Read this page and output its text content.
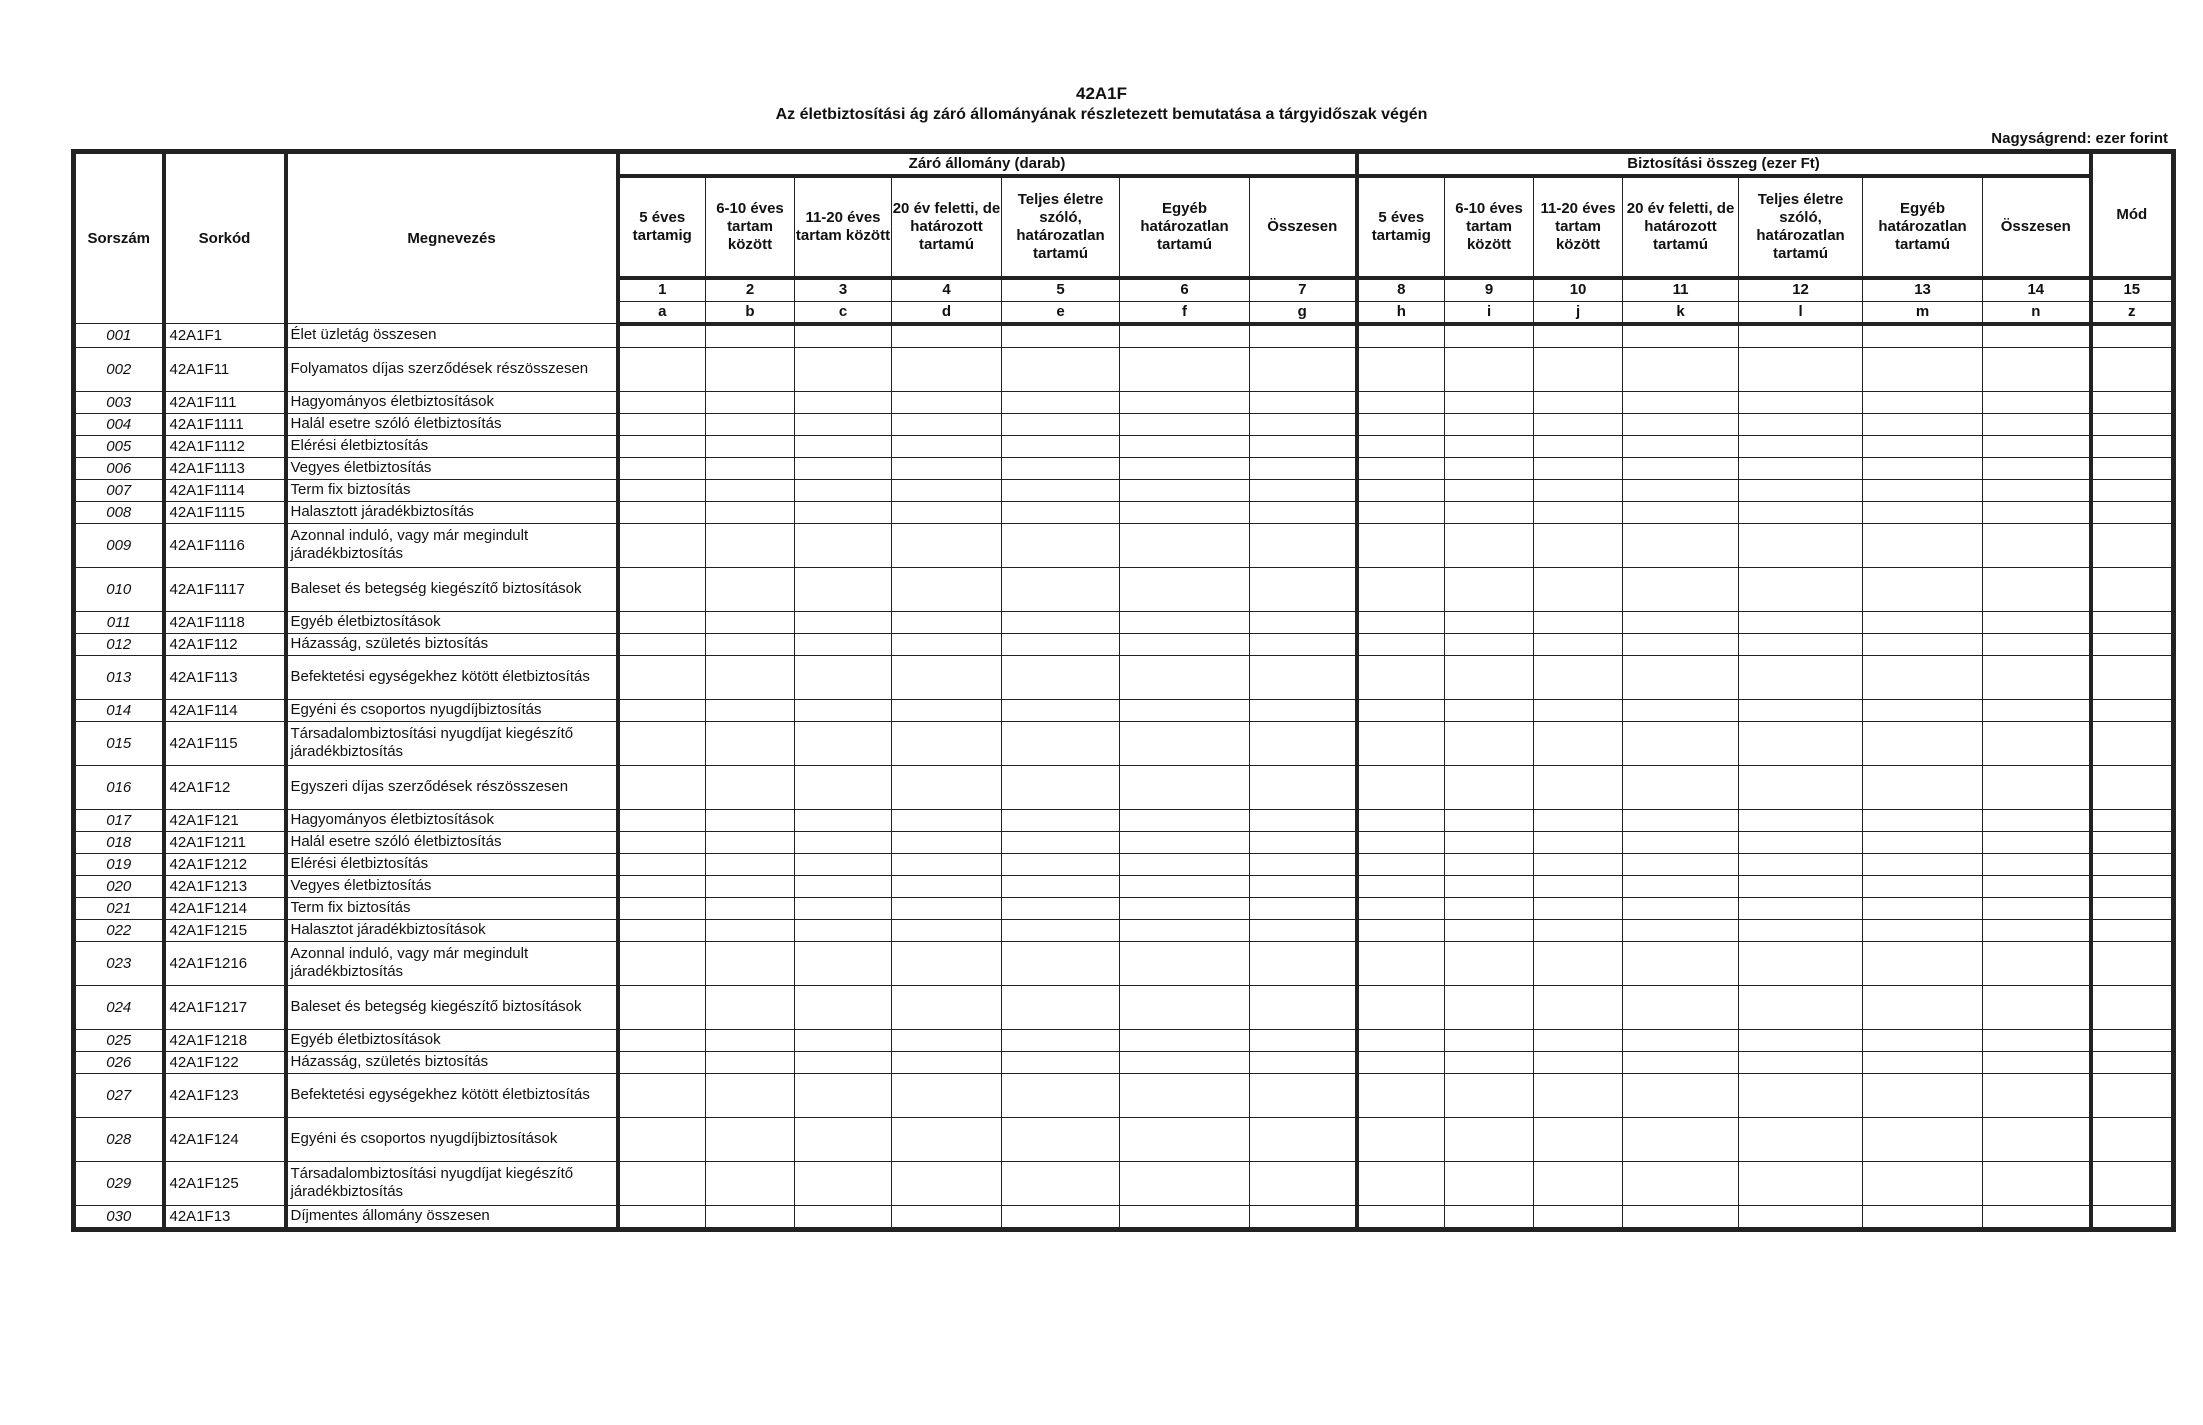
42A1F
Az életbiztosítási ág záró állományának részletezett bemutatása a tárgyidőszak végén
Nagyságrend: ezer forint
Sorszám	Sorkód	Megnevezés	Záró állomány (darab)							Biztosítási összeg (ezer Ft)							Mód
			5 éves tartamig	6-10 éves tartam között	11-20 éves tartam között	20 év feletti, de határozott tartamú	Teljes életre szóló, határozatlan tartamú	Egyéb határozatlan tartamú	Összesen	5 éves tartamig	6-10 éves tartam között	11-20 éves tartam között	20 év feletti, de határozott tartamú	Teljes életre szóló, határozatlan tartamú	Egyéb határozatlan tartamú	Összesen	
			1	2	3	4	5	6	7	8	9	10	11	12	13	14	15
			a	b	c	d	e	f	g	h	i	j	k	l	m	n	z
001	42A1F1	Élet üzletág összesen															
002	42A1F11	Folyamatos díjas szerződések részösszesen															
003	42A1F111	Hagyományos életbiztosítások															
004	42A1F1111	Halál esetre szóló életbiztosítás															
005	42A1F1112	Elérési életbiztosítás															
006	42A1F1113	Vegyes életbiztosítás															
007	42A1F1114	Term fix biztosítás															
008	42A1F1115	Halasztott járadékbiztosítás															
009	42A1F1116	Azonnal induló, vagy már megindult járadékbiztosítás															
010	42A1F1117	Baleset és betegség kiegészítő biztosítások															
011	42A1F1118	Egyéb életbiztosítások															
012	42A1F112	Házasság, születés biztosítás															
013	42A1F113	Befektetési egységekhez kötött életbiztosítás															
014	42A1F114	Egyéni és csoportos nyugdíjbiztosítás															
015	42A1F115	Társadalombiztosítási nyugdíjat kiegészítő járadékbiztosítás															
016	42A1F12	Egyszeri díjas szerződések részösszesen															
017	42A1F121	Hagyományos életbiztosítások															
018	42A1F1211	Halál esetre szóló életbiztosítás															
019	42A1F1212	Elérési életbiztosítás															
020	42A1F1213	Vegyes életbiztosítás															
021	42A1F1214	Term fix biztosítás															
022	42A1F1215	Halasztot járadékbiztosítások															
023	42A1F1216	Azonnal induló, vagy már megindult járadékbiztosítás															
024	42A1F1217	Baleset és betegség kiegészítő biztosítások															
025	42A1F1218	Egyéb életbiztosítások															
026	42A1F122	Házasság, születés biztosítás															
027	42A1F123	Befektetési egységekhez kötött életbiztosítás															
028	42A1F124	Egyéni és csoportos nyugdíjbiztosítások															
029	42A1F125	Társadalombiztosítási nyugdíjat kiegészítő járadékbiztosítás															
030	42A1F13	Díjmentes állomány összesen															
